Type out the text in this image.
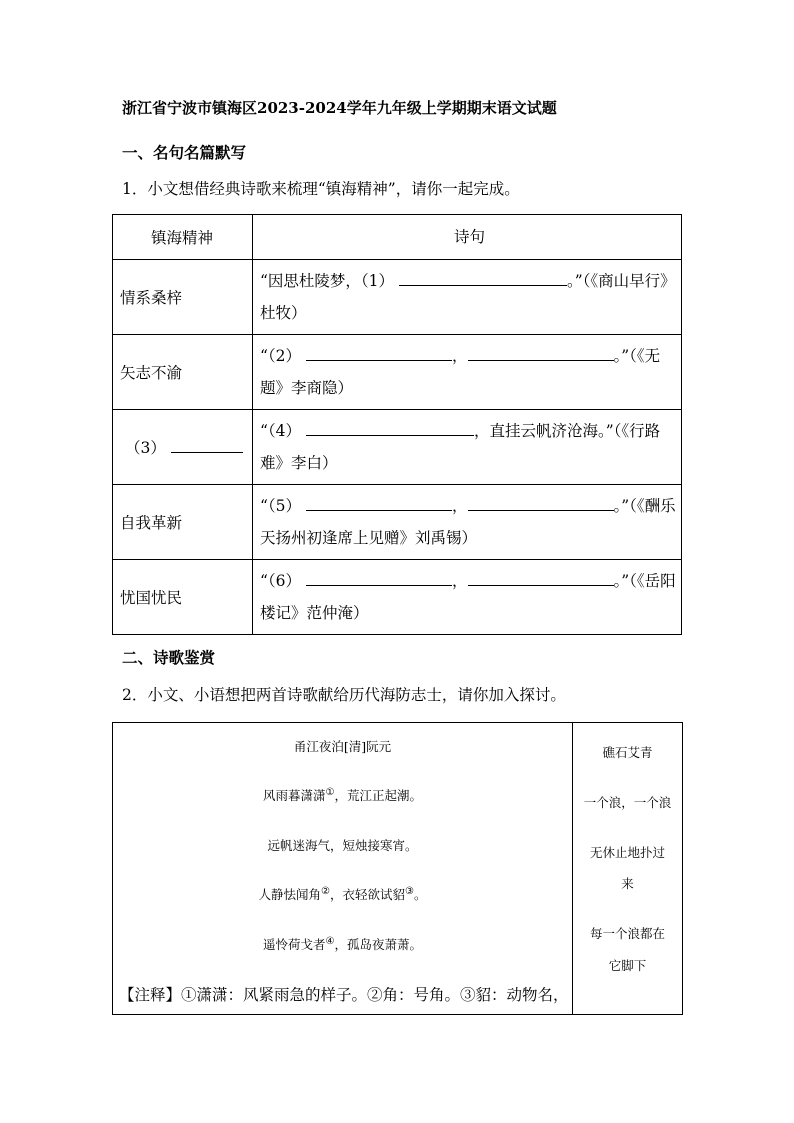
浙江省宁波市镇海区2023-2024学年九年级上学期期末语文试题
一、名句名篇默写
1．小文想借经典诗歌来梳理“镇海精神”，请你一起完成。
镇海精神	诗句
情系桑梓	“因思杜陵梦，（1） 。”（《商山早行》杜牧）
矢志不渝	“（2） ， 。”（《无题》李商隐）
（3）	“（4） ，直挂云帆济沧海。”（《行路难》李白）
自我革新	“（5） ， 。”（《酬乐天扬州初逢席上见赠》刘禹锡）
忧国忧民	“（6） ， 。”（《岳阳楼记》范仲淹）
二、诗歌鉴赏
2．小文、小语想把两首诗歌献给历代海防志士，请你加入探讨。
甬江夜泊[清]阮元
风雨暮潇潇①，荒江正起潮。
远帆迷海气，短烛接寒宵。
人静怯闻角②，衣轻欲试貂③。
遥怜荷戈者④，孤岛夜萧萧。
【注释】①潇潇：风紧雨急的样子。②角：号角。③貂：动物名，
礁石艾青
一个浪，一个浪
无休止地扑过
来
每一个浪都在
它脚下
